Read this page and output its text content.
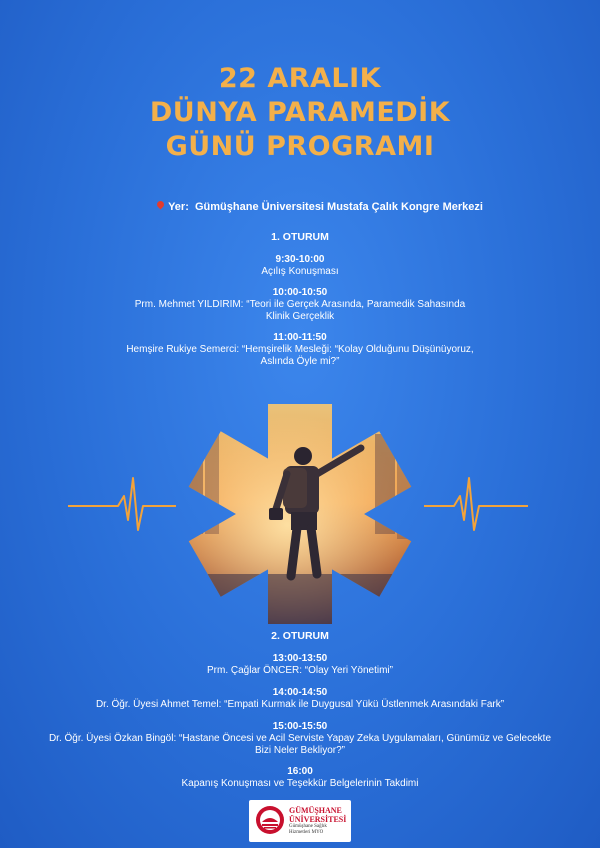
22 ARALIK
DÜNYA PARAMEDİK
GÜNÜ PROGRAMI
Yer: Gümüşhane Üniversitesi Mustafa Çalık Kongre Merkezi
1. OTURUM
9:30-10:00
Açılış Konuşması
10:00-10:50
Prm. Mehmet YILDIRIM: “Teori ile Gerçek Arasında, Paramedik Sahasında
Klinik Gerçeklik
11:00-11:50
Hemşire Rukiye Semerci: “Hemşirelik Mesleği: “Kolay Olduğunu Düşünüyoruz,
Aslında Öyle mi?”
2. OTURUM
13:00-13:50
Prm. Çağlar ÖNCER: “Olay Yeri Yönetimi”
14:00-14:50
Dr. Öğr. Üyesi Ahmet Temel: “Empati Kurmak ile Duygusal Yükü Üstlenmek Arasındaki Fark”
15:00-15:50
Dr. Öğr. Üyesi Özkan Bingöl: “Hastane Öncesi ve Acil Serviste Yapay Zeka Uygulamaları, Günümüz ve Gelecekte
Bizi Neler Bekliyor?”
16:00
Kapanış Konuşması ve Teşekkür Belgelerinin Takdimi
GÜMÜŞHANE
ÜNİVERSİTESİ
Gümüşhane Sağlık
Hizmetleri MYO
